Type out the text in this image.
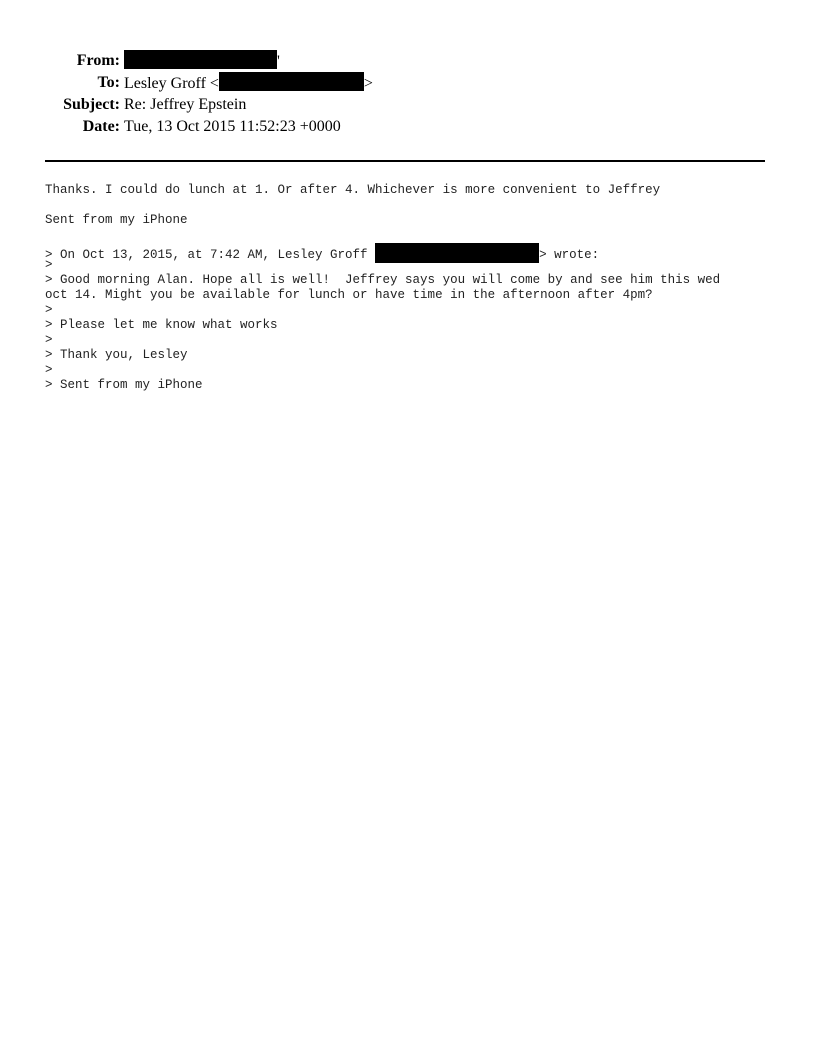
From:	'
To: Lesley Groff <	>
Subject: Re: Jeffrey Epstein
Date: Tue, 13 Oct 2015 11:52:23 +0000
Thanks. I could do lunch at 1. Or after 4. Whichever is more convenient to Jeffrey
Sent from my iPhone
> On Oct 13, 2015, at 7:42 AM, Lesley Groff	> wrote:
>
> Good morning Alan. Hope all is well!  Jeffrey says you will come by and see him this wed
oct 14. Might you be available for lunch or have time in the afternoon after 4pm?
>
> Please let me know what works
>
> Thank you, Lesley
>
> Sent from my iPhone
